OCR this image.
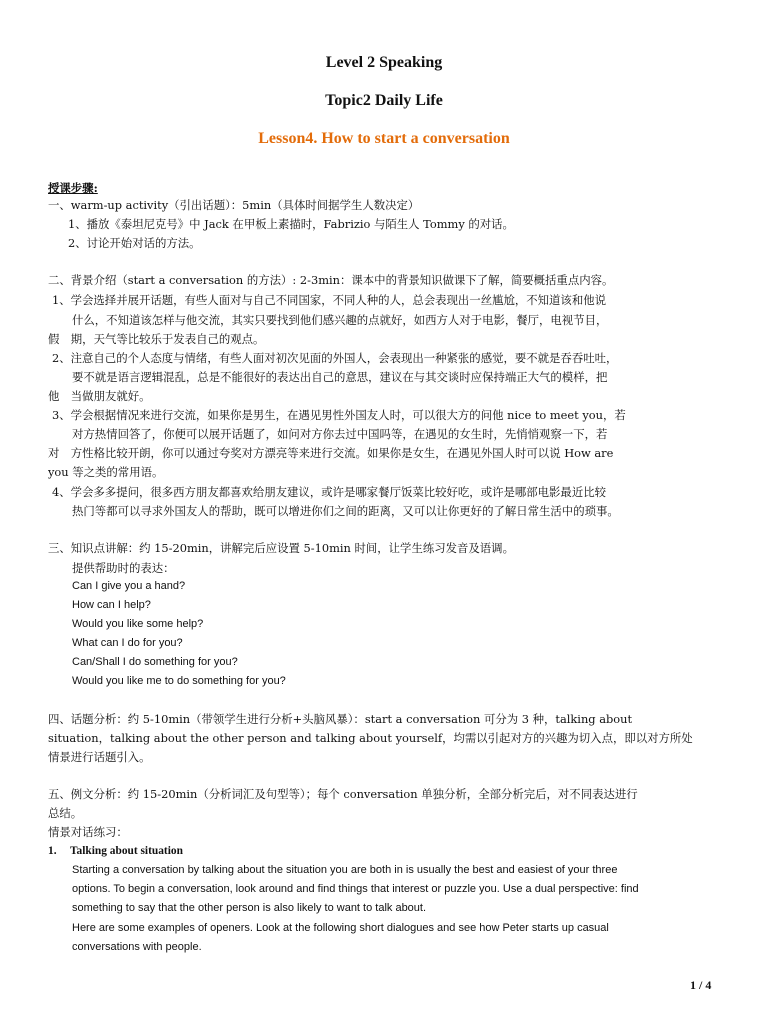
Level 2 Speaking
Topic2 Daily Life
Lesson4. How to start a conversation
授课步骤:
一、warm-up activity（引出话题）：5min（具体时间据学生人数决定）
1、播放《泰坦尼克号》中 Jack 在甲板上素描时，Fabrizio 与陌生人 Tommy 的对话。
2、讨论开始对话的方法。
二、背景介绍（start a conversation 的方法）: 2-3min：课本中的背景知识做课下了解，简要概括重点内容。
1、学会选择并展开话题，有些人面对与自己不同国家，不同人种的人，总会表现出一丝尴尬，不知道该和他说
什么，不知道该怎样与他交流，其实只要找到他们感兴趣的点就好，如西方人对于电影，餐厅，电视节目，
假　期，天气等比较乐于发表自己的观点。
2、注意自己的个人态度与情绪，有些人面对初次见面的外国人，会表现出一种紧张的感觉，要不就是吞吞吐吐，
要不就是语言逻辑混乱，总是不能很好的表达出自己的意思，建议在与其交谈时应保持端正大气的模样，把
他　当做朋友就好。
3、学会根据情况来进行交流，如果你是男生，在遇见男性外国友人时，可以很大方的问他 nice to meet you，若
对方热情回答了，你便可以展开话题了，如问对方你去过中国吗等，在遇见的女生时，先悄悄观察一下，若
对　方性格比较开朗，你可以通过夸奖对方漂亮等来进行交流。如果你是女生，在遇见外国人时可以说 How are
you 等之类的常用语。
4、学会多多提问，很多西方朋友都喜欢给朋友建议，或许是哪家餐厅饭菜比较好吃，或许是哪部电影最近比较
热门等都可以寻求外国友人的帮助，既可以增进你们之间的距离，又可以让你更好的了解日常生活中的琐事。
三、知识点讲解：约 15-20min，讲解完后应设置 5-10min 时间，让学生练习发音及语调。
提供帮助时的表达：
Can I give you a hand?
How can I help?
Would you like some help?
What can I do for you?
Can/Shall I do something for you?
Would you like me to do something for you?
四、话题分析：约 5-10min（带领学生进行分析+头脑风暴）：start a conversation 可分为 3 种，talking about
situation，talking about the other person and talking about yourself，均需以引起对方的兴趣为切入点，即以对方所处
情景进行话题引入。
五、例文分析：约 15-20min（分析词汇及句型等）；每个 conversation 单独分析，全部分析完后，对不同表达进行
总结。
情景对话练习：
1.	Talking about situation
Starting a conversation by talking about the situation you are both in is usually the best and easiest of your three
options. To begin a conversation, look around and find things that interest or puzzle you. Use a dual perspective: find
something to say that the other person is also likely to want to talk about.
Here are some examples of openers. Look at the following short dialogues and see how Peter starts up casual
conversations with people.
1 / 4
